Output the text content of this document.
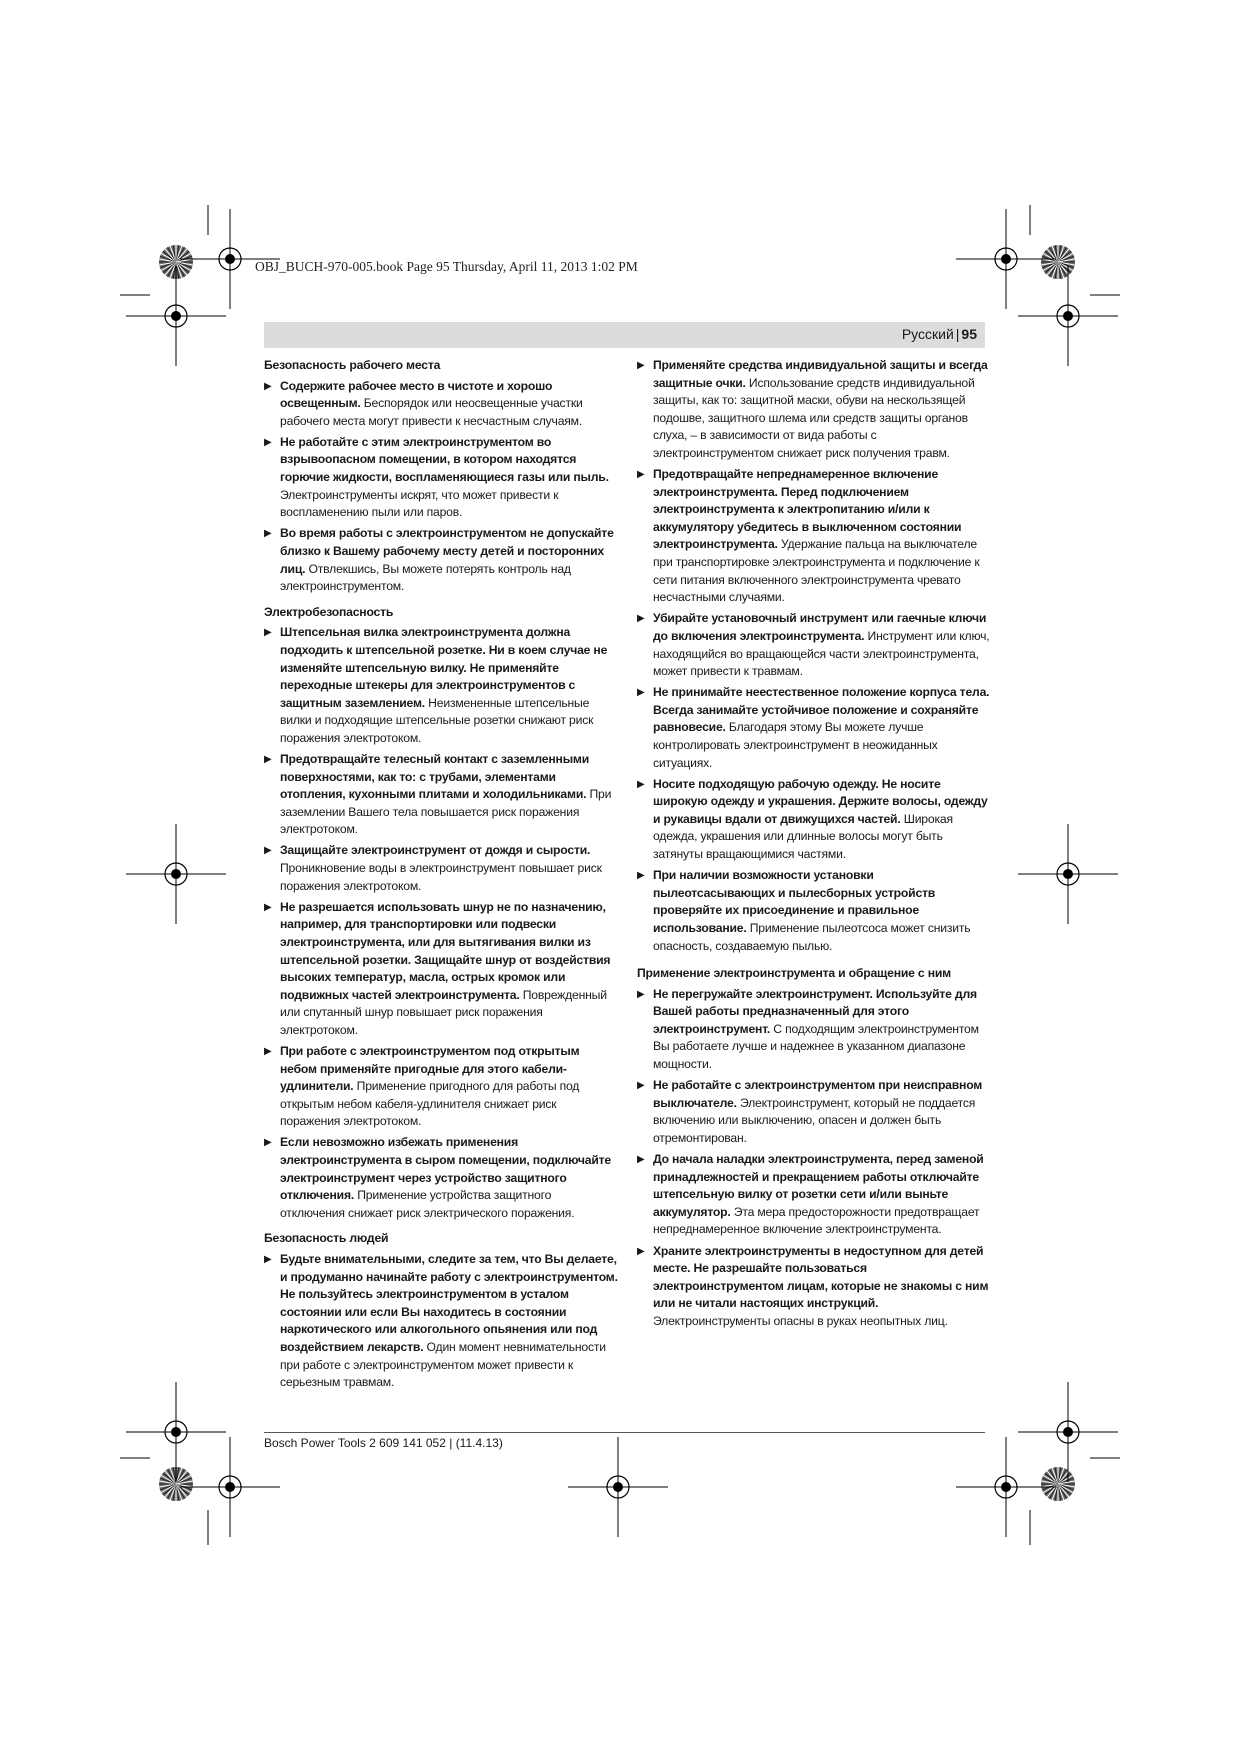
OBJ_BUCH-970-005.book Page 95 Thursday, April 11, 2013 1:02 PM
Русский | 95
Безопасность рабочего места
▶ Содержите рабочее место в чистоте и хорошо освещенным. Беспорядок или неосвещенные участки рабочего места могут привести к несчастным случаям.
▶ Не работайте с этим электроинструментом во взрывоопасном помещении, в котором находятся горючие жидкости, воспламеняющиеся газы или пыль. Электроинструменты искрят, что может привести к воспламенению пыли или паров.
▶ Во время работы с электроинструментом не допускайте близко к Вашему рабочему месту детей и посторонних лиц. Отвлекшись, Вы можете потерять контроль над электроинструментом.
Электробезопасность
▶ Штепсельная вилка электроинструмента должна подходить к штепсельной розетке. Ни в коем случае не изменяйте штепсельную вилку. Не применяйте переходные штекеры для электроинструментов с защитным заземлением. Неизмененные штепсельные вилки и подходящие штепсельные розетки снижают риск поражения электротоком.
▶ Предотвращайте телесный контакт с заземленными поверхностями, как то: с трубами, элементами отопления, кухонными плитами и холодильниками. При заземлении Вашего тела повышается риск поражения электротоком.
▶ Защищайте электроинструмент от дождя и сырости. Проникновение воды в электроинструмент повышает риск поражения электротоком.
▶ Не разрешается использовать шнур не по назначению, например, для транспортировки или подвески электроинструмента, или для вытягивания вилки из штепсельной розетки. Защищайте шнур от воздействия высоких температур, масла, острых кромок или подвижных частей электроинструмента. Поврежденный или спутанный шнур повышает риск поражения электротоком.
▶ При работе с электроинструментом под открытым небом применяйте пригодные для этого кабели-удлинители. Применение пригодного для работы под открытым небом кабеля-удлинителя снижает риск поражения электротоком.
▶ Если невозможно избежать применения электроинструмента в сыром помещении, подключайте электроинструмент через устройство защитного отключения. Применение устройства защитного отключения снижает риск электрического поражения.
Безопасность людей
▶ Будьте внимательными, следите за тем, что Вы делаете, и продуманно начинайте работу с электроинструментом. Не пользуйтесь электроинструментом в усталом состоянии или если Вы находитесь в состоянии наркотического или алкогольного опьянения или под воздействием лекарств. Один момент невнимательности при работе с электроинструментом может привести к серьезным травмам.
▶ Применяйте средства индивидуальной защиты и всегда защитные очки. Использование средств индивидуальной защиты, как то: защитной маски, обуви на нескользящей подошве, защитного шлема или средств защиты органов слуха, – в зависимости от вида работы с электроинструментом снижает риск получения травм.
▶ Предотвращайте непреднамеренное включение электроинструмента. Перед подключением электроинструмента к электропитанию и/или к аккумулятору убедитесь в выключенном состоянии электроинструмента. Удержание пальца на выключателе при транспортировке электроинструмента и подключение к сети питания включенного электроинструмента чревато несчастными случаями.
▶ Убирайте установочный инструмент или гаечные ключи до включения электроинструмента. Инструмент или ключ, находящийся во вращающейся части электроинструмента, может привести к травмам.
▶ Не принимайте неестественное положение корпуса тела. Всегда занимайте устойчивое положение и сохраняйте равновесие. Благодаря этому Вы можете лучше контролировать электроинструмент в неожиданных ситуациях.
▶ Носите подходящую рабочую одежду. Не носите широкую одежду и украшения. Держите волосы, одежду и рукавицы вдали от движущихся частей. Широкая одежда, украшения или длинные волосы могут быть затянуты вращающимися частями.
▶ При наличии возможности установки пылеотсасывающих и пылесборных устройств проверяйте их присоединение и правильное использование. Применение пылеотсоса может снизить опасность, создаваемую пылью.
Применение электроинструмента и обращение с ним
▶ Не перегружайте электроинструмент. Используйте для Вашей работы предназначенный для этого электроинструмент. С подходящим электроинструментом Вы работаете лучше и надежнее в указанном диапазоне мощности.
▶ Не работайте с электроинструментом при неисправном выключателе. Электроинструмент, который не поддается включению или выключению, опасен и должен быть отремонтирован.
▶ До начала наладки электроинструмента, перед заменой принадлежностей и прекращением работы отключайте штепсельную вилку от розетки сети и/или выньте аккумулятор. Эта мера предосторожности предотвращает непреднамеренное включение электроинструмента.
▶ Храните электроинструменты в недоступном для детей месте. Не разрешайте пользоваться электроинструментом лицам, которые не знакомы с ним или не читали настоящих инструкций. Электроинструменты опасны в руках неопытных лиц.
Bosch Power Tools 2 609 141 052 | (11.4.13)
